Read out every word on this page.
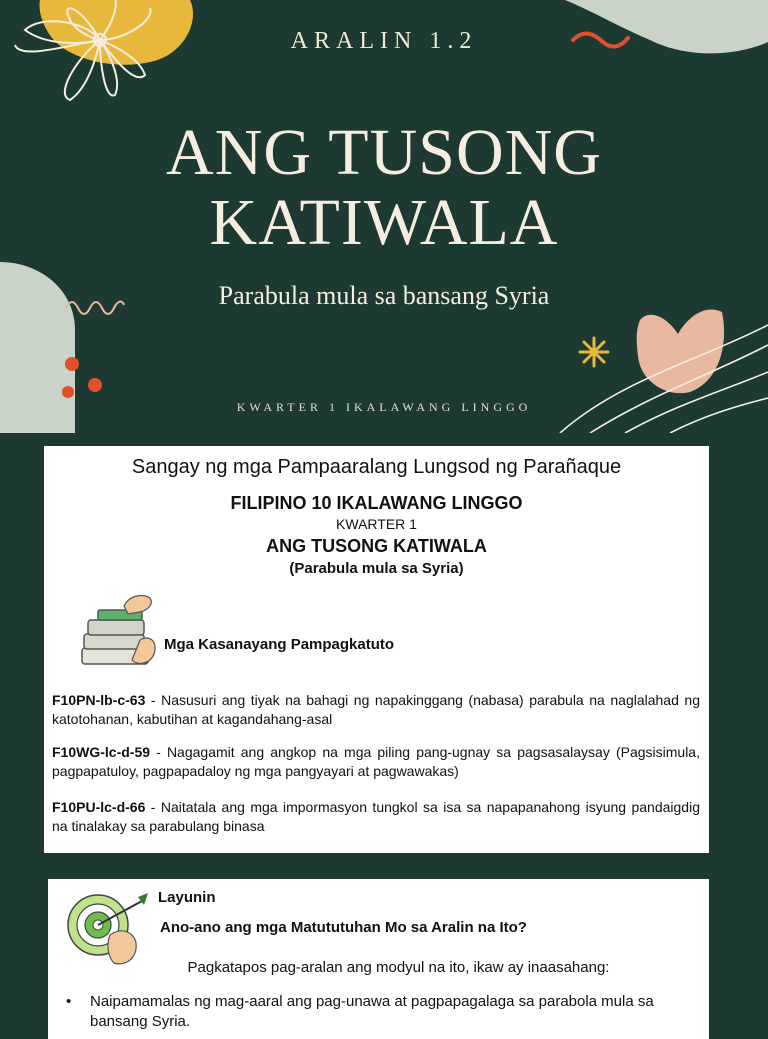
ARALIN 1.2
ANG TUSONG
KATIWALA
Parabula mula sa bansang Syria
KWARTER 1 IKALAWANG LINGGO
Sangay ng mga Pampaaralang Lungsod ng Parañaque
FILIPINO 10 IKALAWANG LINGGO
KWARTER 1
ANG TUSONG KATIWALA
(Parabula mula sa Syria)
Mga Kasanayang Pampagkatuto
F10PN-lb-c-63 - Nasusuri ang tiyak na bahagi ng napakinggang (nabasa) parabula na naglalahad ng katotohanan, kabutihan at kagandahang-asal
F10WG-lc-d-59 - Nagagamit ang angkop na mga piling pang-ugnay sa pagsasalaysay (Pagsisimula, pagpapatuloy, pagpapadaloy ng mga pangyayari at pagwawakas)
F10PU-lc-d-66 - Naitatala ang mga impormasyon tungkol sa isa sa napapanahong isyung pandaigdig na tinalakay sa parabulang binasa
Layunin
Ano-ano ang mga Matututuhan Mo sa Aralin na Ito?
Pagkatapos pag-aralan ang modyul na ito, ikaw ay inaasahang:
• Naipamamalas ng mag-aaral ang pag-unawa at pagpapagalaga sa parabola mula sa bansang Syria.
